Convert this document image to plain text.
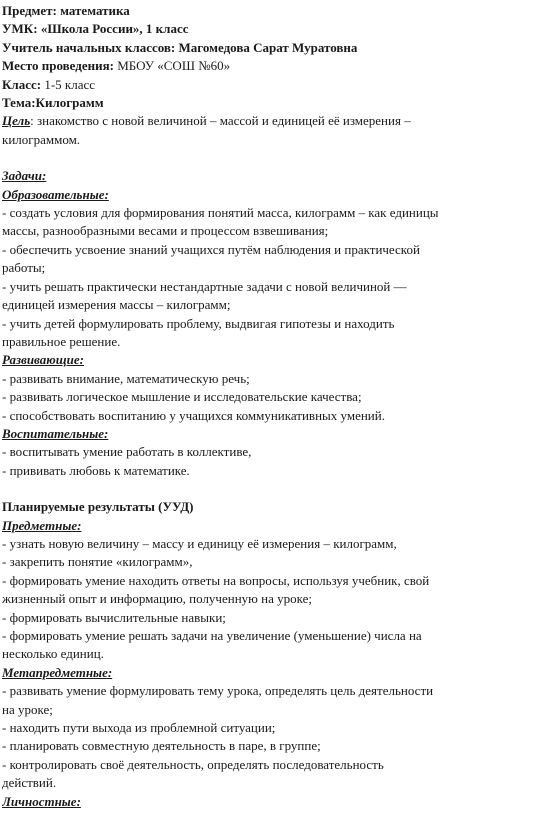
Предмет: математика
УМК: «Школа России», 1 класс
Учитель начальных классов: Магомедова Сарат Муратовна
Место проведения: МБОУ «СОШ №60»
Класс: 1-5 класс
Тема:Килограмм
Цель: знакомство с новой величиной – массой и единицей её измерения –
килограммом.
Задачи:
Образовательные:
- создать условия для формирования понятий масса, килограмм – как единицы
массы, разнообразными весами и процессом взвешивания;
- обеспечить усвоение знаний учащихся путём наблюдения и практической
работы;
- учить решать практически нестандартные задачи с новой величиной —
единицей измерения массы – килограмм;
- учить детей формулировать проблему, выдвигая гипотезы и находить
правильное решение.
Развивающие:
- развивать внимание, математическую речь;
- развивать логическое мышление и исследовательские качества;
- способствовать воспитанию у учащихся коммуникативных умений.
Воспитательные:
- воспитывать умение работать в коллективе,
- прививать любовь к математике.
Планируемые результаты (УУД)
Предметные:
- узнать новую величину – массу и единицу её измерения – килограмм,
- закрепить понятие «килограмм»,
- формировать умение находить ответы на вопросы, используя учебник, свой
жизненный опыт и информацию, полученную на уроке;
- формировать вычислительные навыки;
- формировать умение решать задачи на увеличение (уменьшение) числа на
несколько единиц.
Метапредметные:
- развивать умение формулировать тему урока, определять цель деятельности
на уроке;
- находить пути выхода из проблемной ситуации;
- планировать совместную деятельность в паре, в группе;
- контролировать своё деятельность, определять последовательность
действий.
Личностные:
